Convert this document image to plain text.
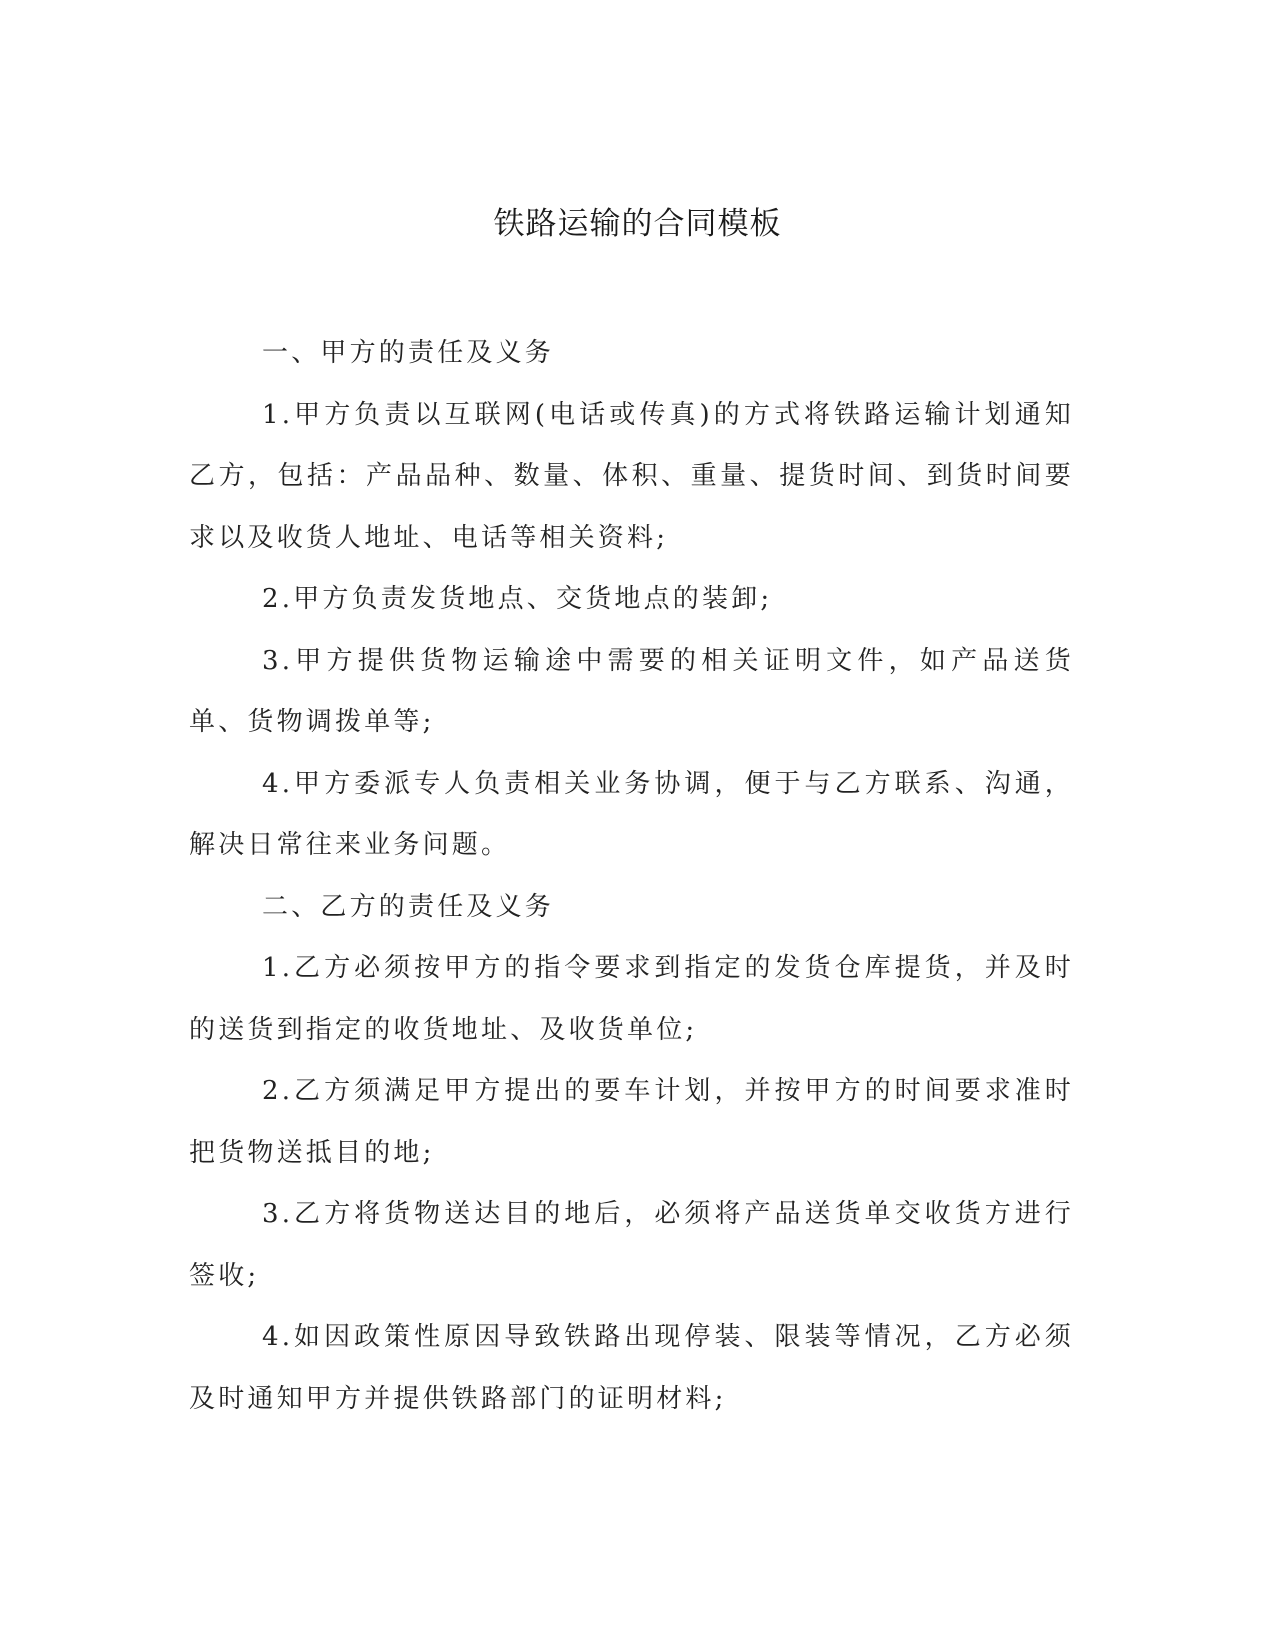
铁路运输的合同模板

一、甲方的责任及义务

1.甲方负责以互联网(电话或传真)的方式将铁路运输计划通知乙方，包括：产品品种、数量、体积、重量、提货时间、到货时间要求以及收货人地址、电话等相关资料;

2.甲方负责发货地点、交货地点的装卸;

3.甲方提供货物运输途中需要的相关证明文件，如产品送货单、货物调拨单等;

4.甲方委派专人负责相关业务协调，便于与乙方联系、沟通，解决日常往来业务问题。

二、乙方的责任及义务

1.乙方必须按甲方的指令要求到指定的发货仓库提货，并及时的送货到指定的收货地址、及收货单位;

2.乙方须满足甲方提出的要车计划，并按甲方的时间要求准时把货物送抵目的地;

3.乙方将货物送达目的地后，必须将产品送货单交收货方进行签收;

4.如因政策性原因导致铁路出现停装、限装等情况，乙方必须及时通知甲方并提供铁路部门的证明材料;
